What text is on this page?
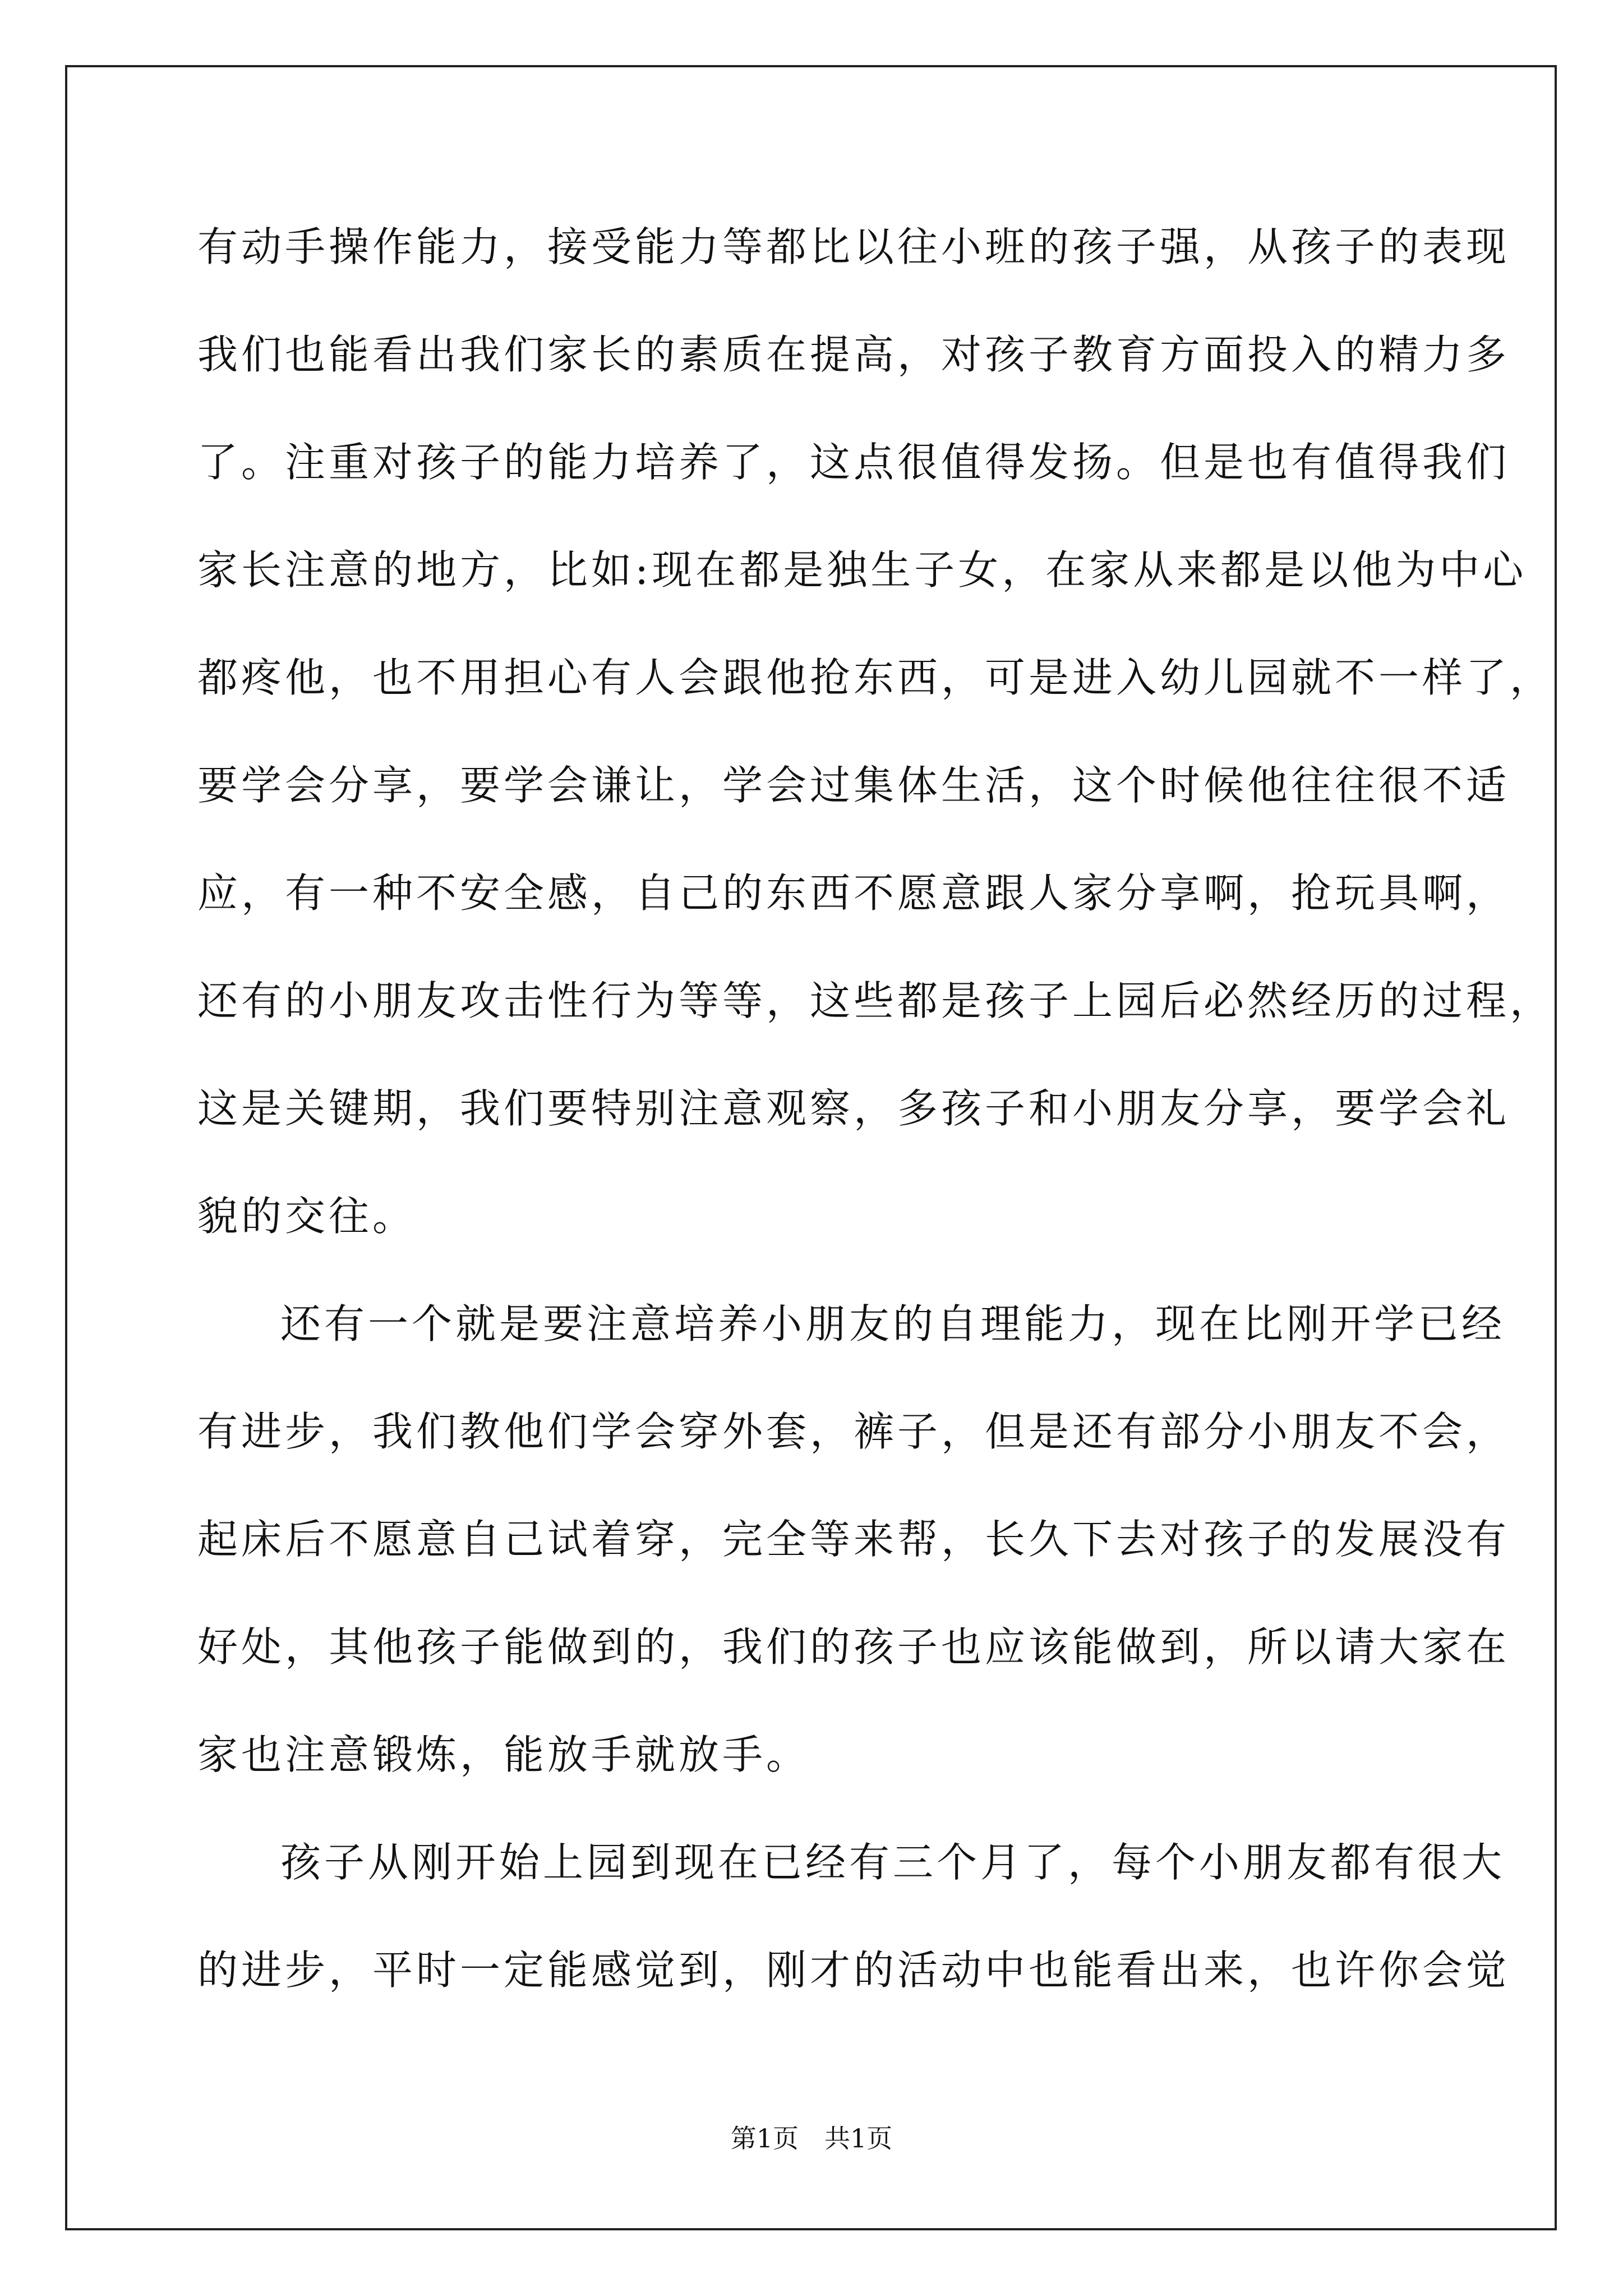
有动手操作能力，接受能力等都比以往小班的孩子强，从孩子的表现
我们也能看出我们家长的素质在提高，对孩子教育方面投入的精力多
了。注重对孩子的能力培养了，这点很值得发扬。但是也有值得我们
家长注意的地方，比如:现在都是独生子女，在家从来都是以他为中心
都疼他，也不用担心有人会跟他抢东西，可是进入幼儿园就不一样了，
要学会分享，要学会谦让，学会过集体生活，这个时候他往往很不适
应，有一种不安全感，自己的东西不愿意跟人家分享啊，抢玩具啊，
还有的小朋友攻击性行为等等，这些都是孩子上园后必然经历的过程，
这是关键期，我们要特别注意观察，多孩子和小朋友分享，要学会礼
貌的交往。
还有一个就是要注意培养小朋友的自理能力，现在比刚开学已经
有进步，我们教他们学会穿外套，裤子，但是还有部分小朋友不会，
起床后不愿意自己试着穿，完全等来帮，长久下去对孩子的发展没有
好处，其他孩子能做到的，我们的孩子也应该能做到，所以请大家在
家也注意锻炼，能放手就放手。
孩子从刚开始上园到现在已经有三个月了，每个小朋友都有很大
的进步，平时一定能感觉到，刚才的活动中也能看出来，也许你会觉
第1页　共1页
